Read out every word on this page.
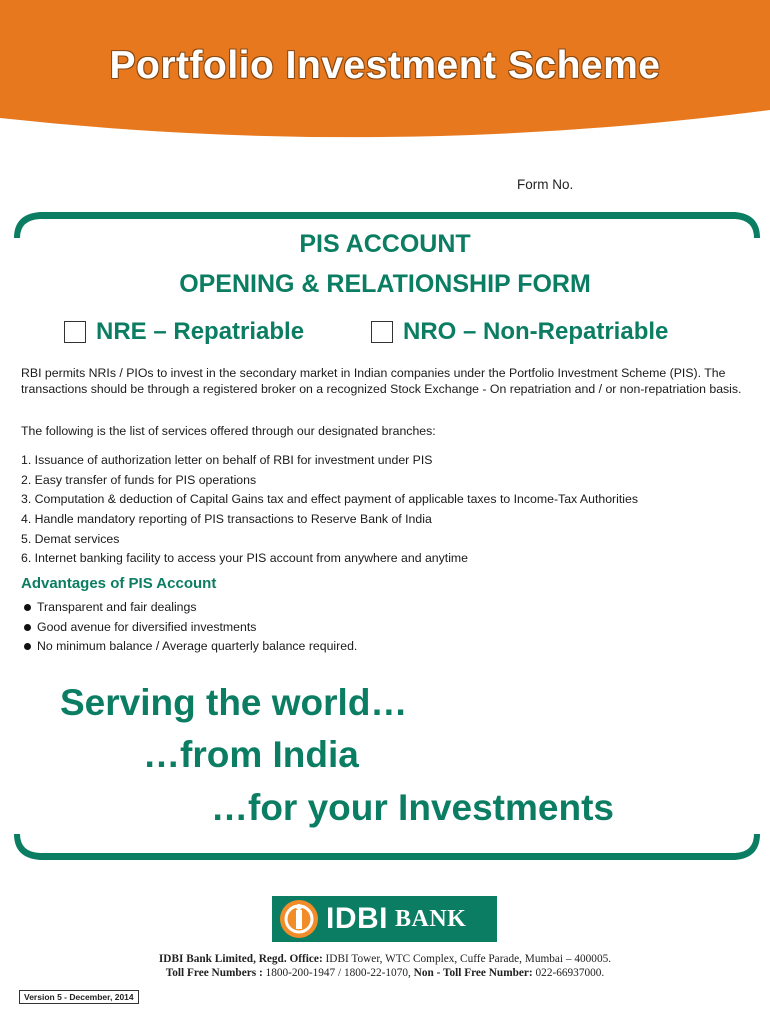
Portfolio Investment Scheme
Form No.
PIS ACCOUNT
OPENING & RELATIONSHIP FORM
NRE – Repatriable	NRO – Non-Repatriable
RBI permits NRIs / PIOs to invest in the secondary market in Indian companies under the Portfolio Investment Scheme (PIS). The transactions should be through a registered broker on a recognized Stock Exchange - On repatriation and / or non-repatriation basis.
The following is the list of services offered through our designated branches:
1. Issuance of authorization letter on behalf of RBI for investment under PIS
2. Easy transfer of funds for PIS operations
3. Computation & deduction of Capital Gains tax and effect payment of applicable taxes to Income-Tax Authorities
4. Handle mandatory reporting of PIS transactions to Reserve Bank of India
5. Demat services
6. Internet banking facility to access your PIS account from anywhere and anytime
Advantages of PIS Account
Transparent and fair dealings
Good avenue for diversified investments
No minimum balance / Average quarterly balance required.
Serving the world…
…from India
…for your Investments
IDBI BANK
IDBI Bank Limited, Regd. Office: IDBI Tower, WTC Complex, Cuffe Parade, Mumbai – 400005.
Toll Free Numbers : 1800-200-1947 / 1800-22-1070, Non - Toll Free Number: 022-66937000.
Version 5 - December, 2014
